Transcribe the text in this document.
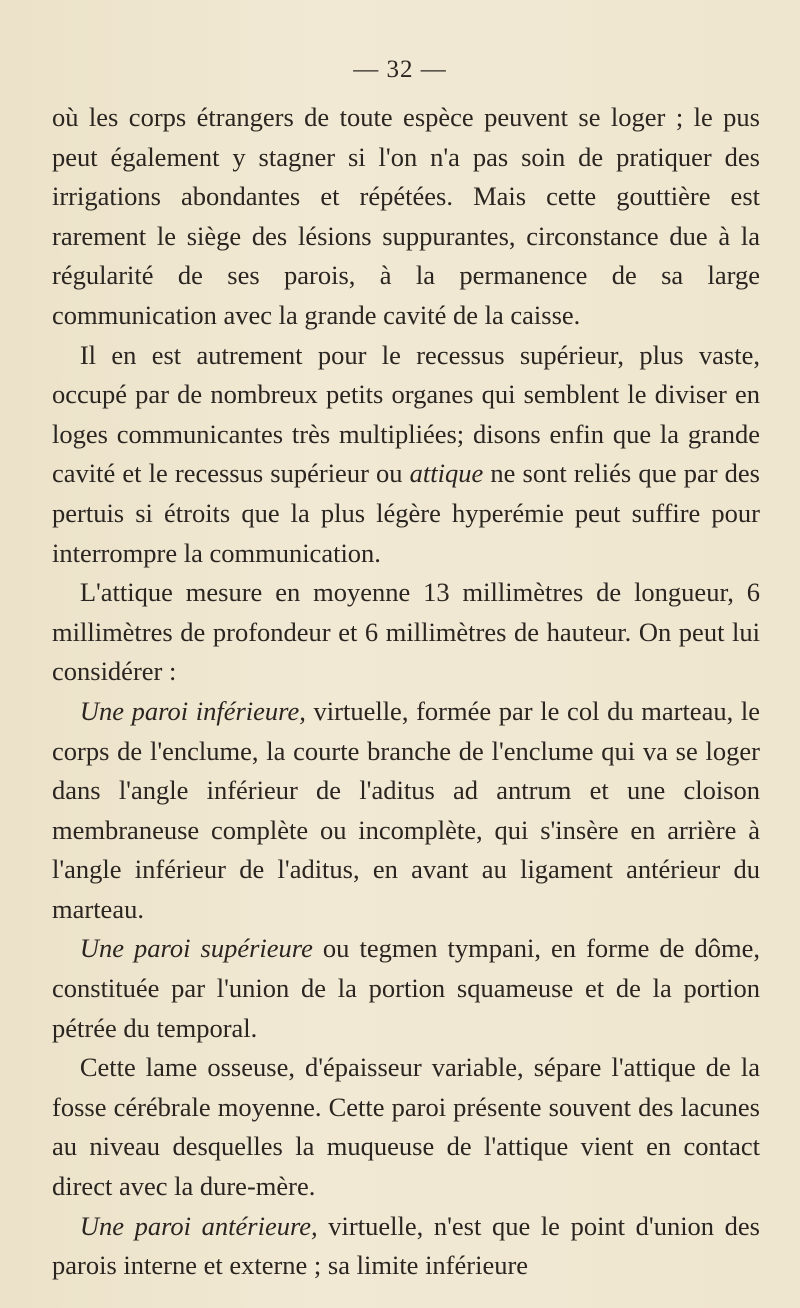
— 32 —

où les corps étrangers de toute espèce peuvent se loger ; le pus peut également y stagner si l'on n'a pas soin de pratiquer des irrigations abondantes et répétées. Mais cette gouttière est rarement le siège des lésions suppurantes, circonstance due à la régularité de ses parois, à la permanence de sa large communication avec la grande cavité de la caisse.

Il en est autrement pour le recessus supérieur, plus vaste, occupé par de nombreux petits organes qui semblent le diviser en loges communicantes très multipliées; disons enfin que la grande cavité et le recessus supérieur ou attique ne sont reliés que par des pertuis si étroits que la plus légère hyperémie peut suffire pour interrompre la communication.

L'attique mesure en moyenne 13 millimètres de longueur, 6 millimètres de profondeur et 6 millimètres de hauteur. On peut lui considérer :

Une paroi inférieure, virtuelle, formée par le col du marteau, le corps de l'enclume, la courte branche de l'enclume qui va se loger dans l'angle inférieur de l'aditus ad antrum et une cloison membraneuse complète ou incomplète, qui s'insère en arrière à l'angle inférieur de l'aditus, en avant au ligament antérieur du marteau.

Une paroi supérieure ou tegmen tympani, en forme de dôme, constituée par l'union de la portion squameuse et de la portion pétrée du temporal.

Cette lame osseuse, d'épaisseur variable, sépare l'attique de la fosse cérébrale moyenne. Cette paroi présente souvent des lacunes au niveau desquelles la muqueuse de l'attique vient en contact direct avec la dure-mère.

Une paroi antérieure, virtuelle, n'est que le point d'union des parois interne et externe ; sa limite inférieure
